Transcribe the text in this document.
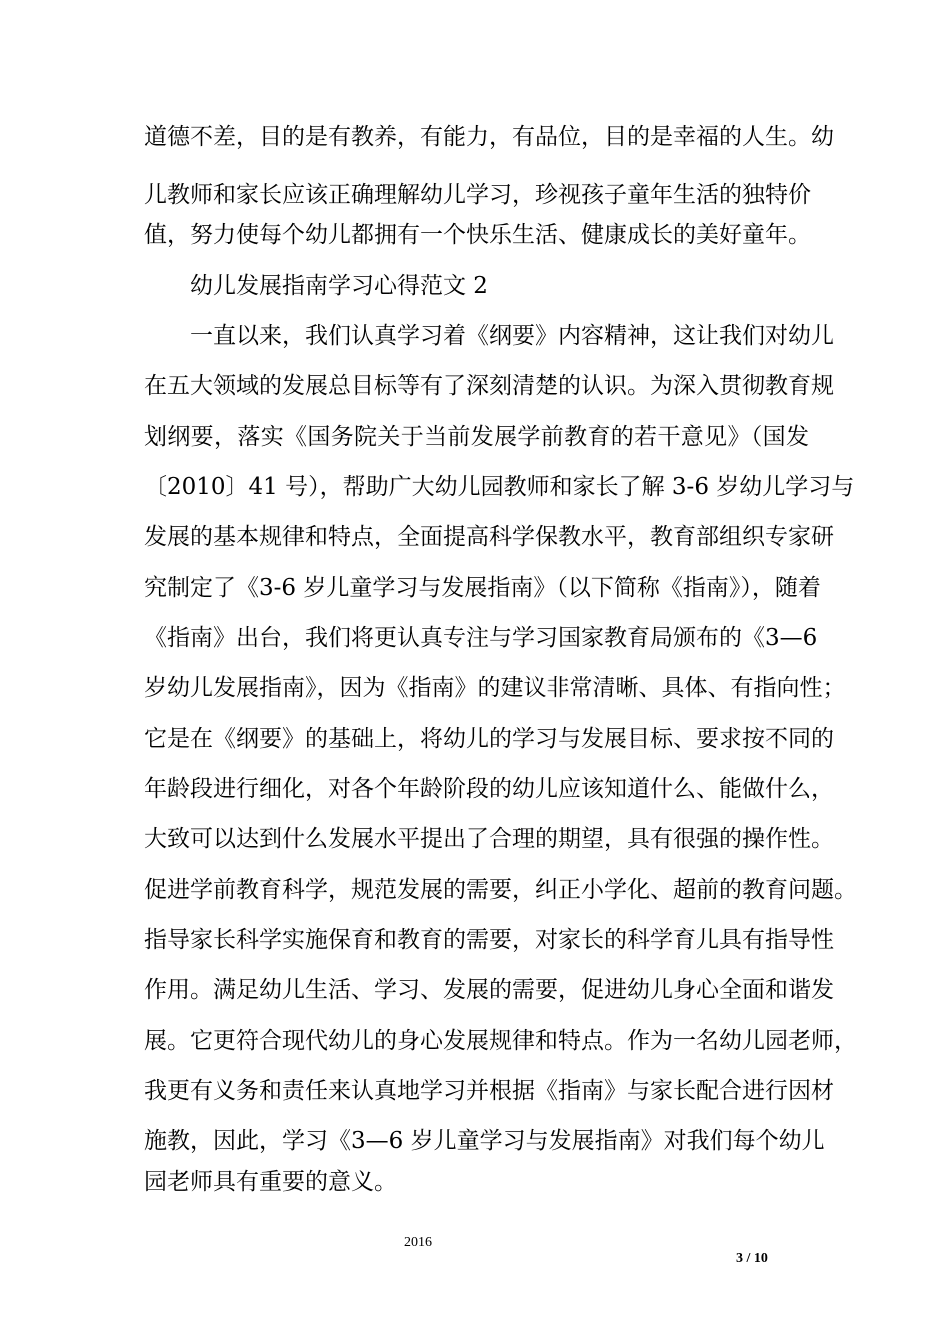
道德不差，目的是有教养，有能力，有品位，目的是幸福的人生。幼
儿教师和家长应该正确理解幼儿学习，珍视孩子童年生活的独特价
值，努力使每个幼儿都拥有一个快乐生活、健康成长的美好童年。
幼儿发展指南学习心得范文 2
一直以来，我们认真学习着《纲要》内容精神，这让我们对幼儿
在五大领域的发展总目标等有了深刻清楚的认识。为深入贯彻教育规
划纲要，落实《国务院关于当前发展学前教育的若干意见》（国发
〔2010〕41 号），帮助广大幼儿园教师和家长了解 3-6 岁幼儿学习与
发展的基本规律和特点，全面提高科学保教水平，教育部组织专家研
究制定了《3-6 岁儿童学习与发展指南》（以下简称《指南》），随着
《指南》出台，我们将更认真专注与学习国家教育局颁布的《3—6
岁幼儿发展指南》，因为《指南》的建议非常清晰、具体、有指向性；
它是在《纲要》的基础上，将幼儿的学习与发展目标、要求按不同的
年龄段进行细化，对各个年龄阶段的幼儿应该知道什么、能做什么，
大致可以达到什么发展水平提出了合理的期望，具有很强的操作性。
促进学前教育科学，规范发展的需要，纠正小学化、超前的教育问题。
指导家长科学实施保育和教育的需要，对家长的科学育儿具有指导性
作用。满足幼儿生活、学习、发展的需要，促进幼儿身心全面和谐发
展。它更符合现代幼儿的身心发展规律和特点。作为一名幼儿园老师，
我更有义务和责任来认真地学习并根据《指南》与家长配合进行因材
施教，因此，学习《3—6 岁儿童学习与发展指南》对我们每个幼儿
园老师具有重要的意义。
2016
3 / 10
